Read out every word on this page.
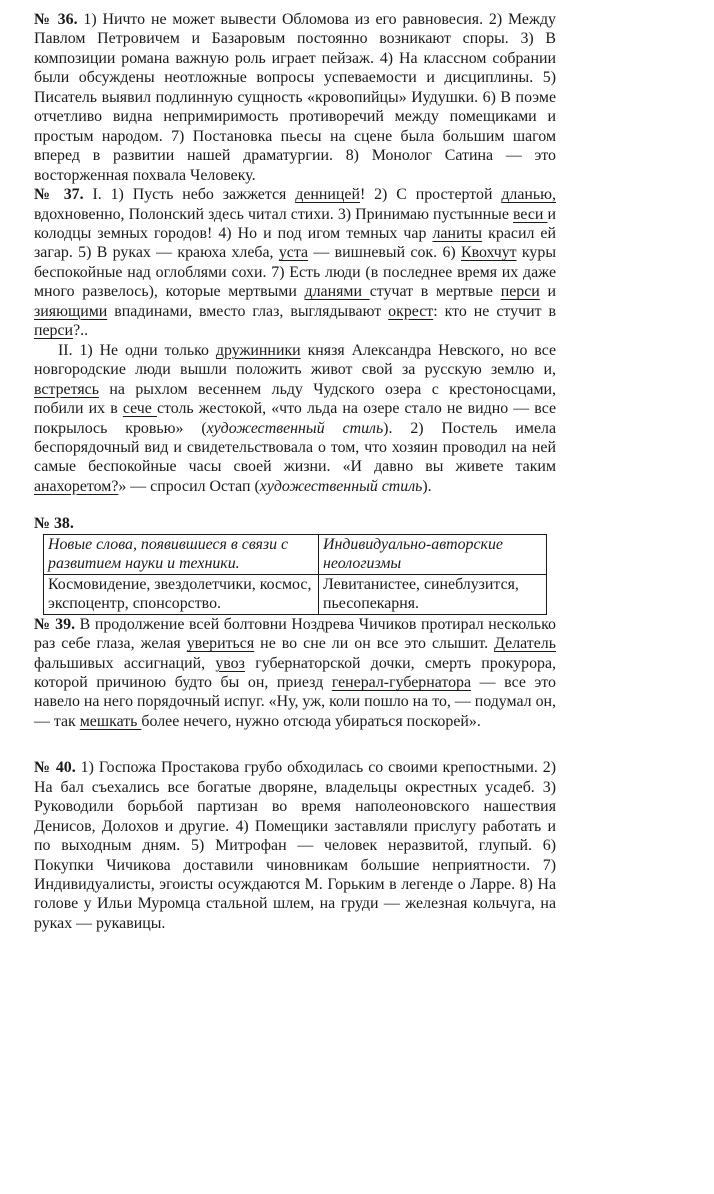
№ 36. 1) Ничто не может вывести Обломова из его равновесия. 2) Между Павлом Петровичем и Базаровым постоянно возникают споры. 3) В композиции романа важную роль играет пейзаж. 4) На классном собрании были обсуждены неотложные вопросы успеваемости и дисциплины. 5) Писатель выявил подлинную сущность «кровопийцы» Иудушки. 6) В поэме отчетливо видна непримиримость противоречий между помещиками и простым народом. 7) Постановка пьесы на сцене была большим шагом вперед в развитии нашей драматургии. 8) Монолог Сатина — это восторженная похвала Человеку.

№ 37. I. 1) Пусть небо зажжется денницей! 2) С простертой дланью, вдохновенно, Полонский здесь читал стихи. 3) Принимаю пустынные веси и колодцы земных городов! 4) Но и под игом темных чар ланиты красил ей загар. 5) В руках — краюха хлеба, уста — вишневый сок. 6) Квохчут куры беспокойные над оглоблями сохи. 7) Есть люди (в последнее время их даже много развелось), которые мертвыми дланями стучат в мертвые перси и зияющими впадинами, вместо глаз, выглядывают окрест: кто не стучит в перси?..

II. 1) Не одни только дружинники князя Александра Невского, но все новгородские люди вышли положить живот свой за русскую землю и, встретясь на рыхлом весеннем льду Чудского озера с крестоносцами, побили их в сече столь жестокой, «что льда на озере стало не видно — все покрылось кровью» (художественный стиль). 2) Постель имела беспорядочный вид и свидетельствовала о том, что хозяин проводил на ней самые беспокойные часы своей жизни. «И давно вы живете таким анахоретом?» — спросил Остап (художественный стиль).

№ 38.

Новые слова, появившиеся в связи с развитием науки и техники.	Индивидуально-авторские неологизмы
Космовидение, звездолетчики, космос, экспоцентр, спонсорство.	Левитанистее, синеблузится, пьесопекарня.

№ 39. В продолжение всей болтовни Ноздрева Чичиков протирал несколько раз себе глаза, желая увериться не во сне ли он все это слышит. Делатель фальшивых ассигнаций, увоз губернаторской дочки, смерть прокурора, которой причиною будто бы он, приезд генерал-губернатора — все это навело на него порядочный испуг. «Ну, уж, коли пошло на то, — подумал он, — так мешкать более нечего, нужно отсюда убираться поскорей».

№ 40. 1) Госпожа Простакова грубо обходилась со своими крепостными. 2) На бал съехались все богатые дворяне, владельцы окрестных усадеб. 3) Руководили борьбой партизан во время наполеоновского нашествия Денисов, Долохов и другие. 4) Помещики заставляли прислугу работать и по выходным дням. 5) Митрофан — человек неразвитой, глупый. 6) Покупки Чичикова доставили чиновникам большие неприятности. 7) Индивидуалисты, эгоисты осуждаются М. Горьким в легенде о Ларре. 8) На голове у Ильи Муромца стальной шлем, на груди — железная кольчуга, на руках — рукавицы.
